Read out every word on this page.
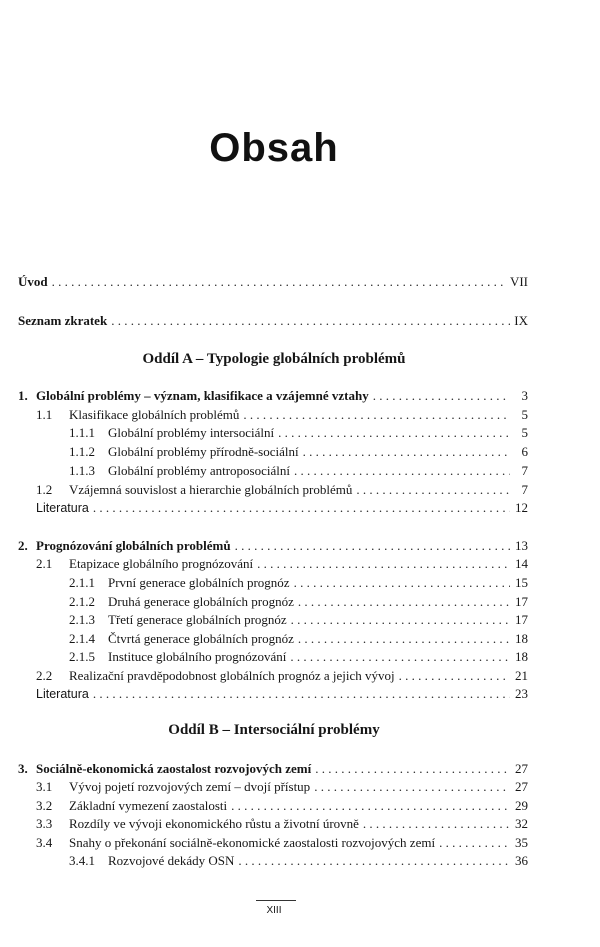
Obsah
Úvod . . .	VII
Seznam zkratek . . .	IX
Oddíl A – Typologie globálních problémů
1. Globální problémy – význam, klasifikace a vzájemné vztahy . . .	3
1.1	Klasifikace globálních problémů . . .	5
1.1.1	Globální problémy intersociální . . .	5
1.1.2	Globální problémy přírodně-sociální . . .	6
1.1.3	Globální problémy antroposociální . . .	7
1.2	Vzájemná souvislost a hierarchie globálních problémů . . .	7
Literatura . . .	12
2. Prognózování globálních problémů . . .	13
2.1	Etapizace globálního prognózování . . .	14
2.1.1	První generace globálních prognóz . . .	15
2.1.2	Druhá generace globálních prognóz . . .	17
2.1.3	Třetí generace globálních prognóz . . .	17
2.1.4	Čtvrtá generace globálních prognóz . . .	18
2.1.5	Instituce globálního prognózování . . .	18
2.2	Realizační pravděpodobnost globálních prognóz a jejich vývoj . . .	21
Literatura . . .	23
Oddíl B – Intersociální problémy
3. Sociálně-ekonomická zaostalost rozvojových zemí . . .	27
3.1	Vývoj pojetí rozvojových zemí – dvojí přístup . . .	27
3.2	Základní vymezení zaostalosti . . .	29
3.3	Rozdíly ve vývoji ekonomického růstu a životní úrovně . . .	32
3.4	Snahy o překonání sociálně-ekonomické zaostalosti rozvojových zemí . . .	35
3.4.1	Rozvojové dekády OSN . . .	36
XIII
